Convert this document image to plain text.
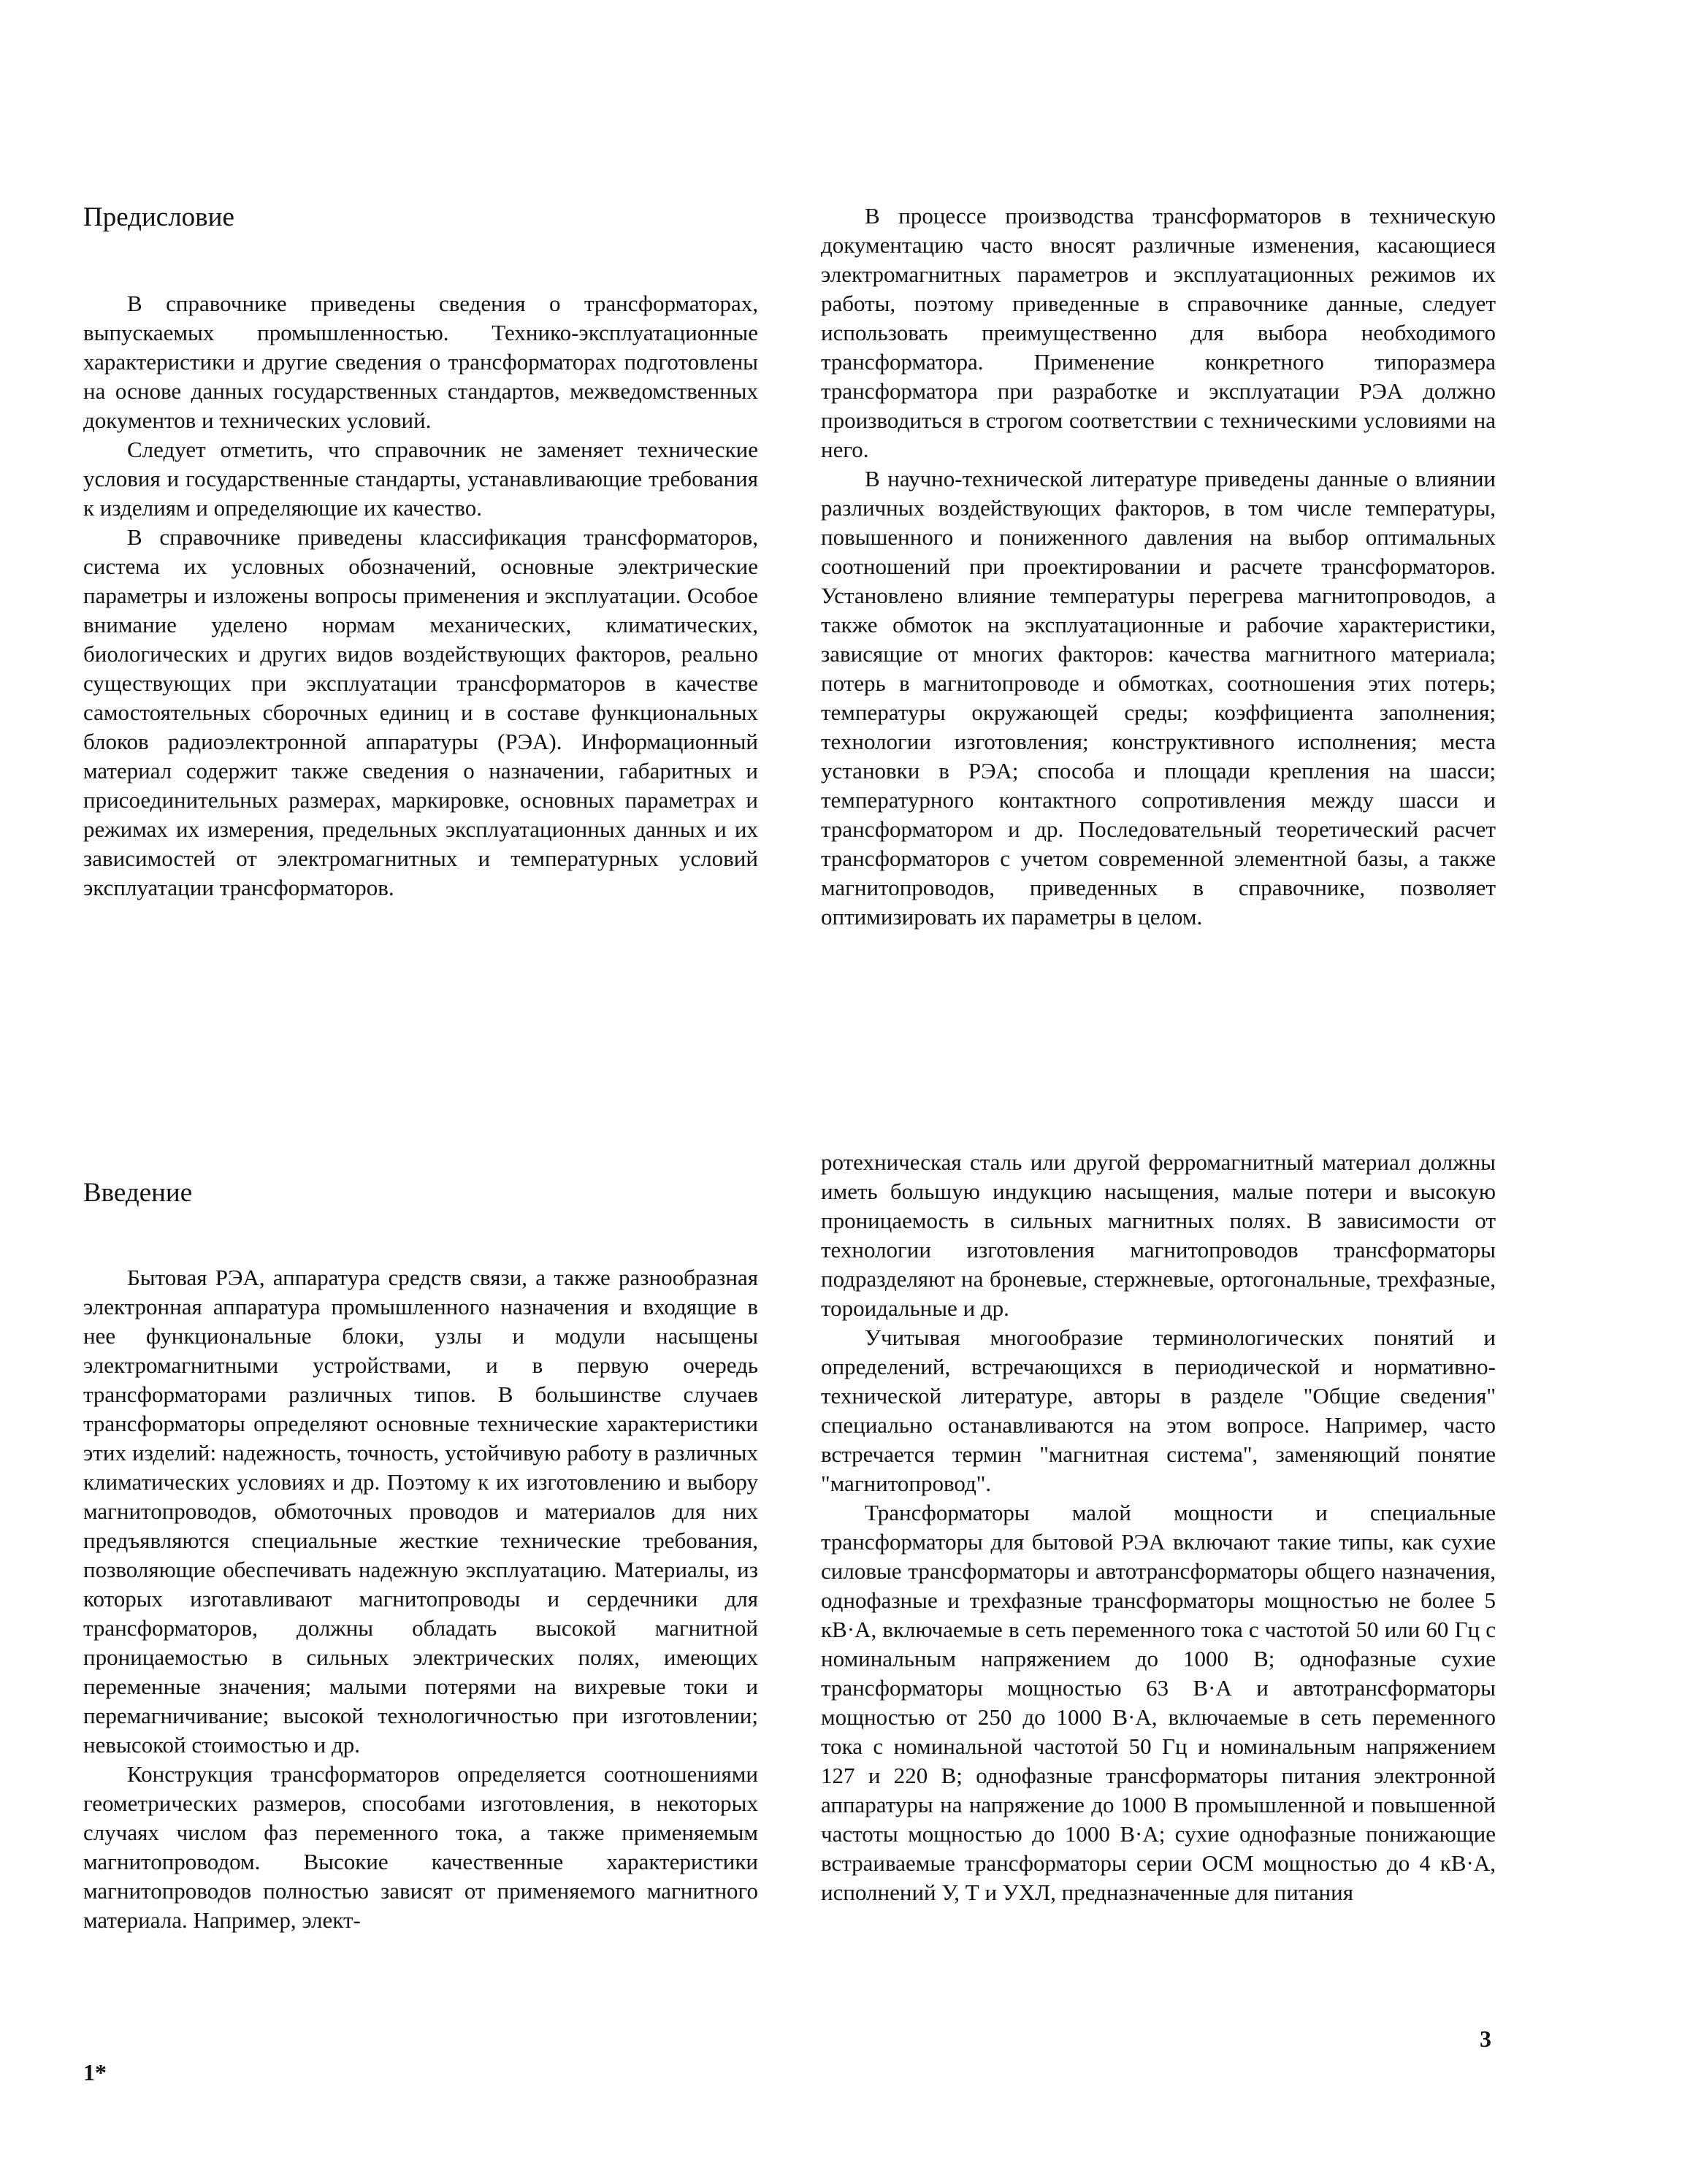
Предисловие

В справочнике приведены сведения о трансформаторах, выпускаемых промышленностью. Технико-эксплуатационные характеристики и другие сведения о трансформаторах подготовлены на основе данных государственных стандартов, межведомственных документов и технических условий.

Следует отметить, что справочник не заменяет технические условия и государственные стандарты, устанавливающие требования к изделиям и определяющие их качество.

В справочнике приведены классификация трансформаторов, система их условных обозначений, основные электрические параметры и изложены вопросы применения и эксплуатации. Особое внимание уделено нормам механических, климатических, биологических и других видов воздействующих факторов, реально существующих при эксплуатации трансформаторов в качестве самостоятельных сборочных единиц и в составе функциональных блоков радиоэлектронной аппаратуры (РЭА). Информационный материал содержит также сведения о назначении, габаритных и присоединительных размерах, маркировке, основных параметрах и режимах их измерения, предельных эксплуатационных данных и их зависимостей от электромагнитных и температурных условий эксплуатации трансформаторов.

В процессе производства трансформаторов в техническую документацию часто вносят различные изменения, касающиеся электромагнитных параметров и эксплуатационных режимов их работы, поэтому приведенные в справочнике данные, следует использовать преимущественно для выбора необходимого трансформатора. Применение конкретного типоразмера трансформатора при разработке и эксплуатации РЭА должно производиться в строгом соответствии с техническими условиями на него.

В научно-технической литературе приведены данные о влиянии различных воздействующих факторов, в том числе температуры, повышенного и пониженного давления на выбор оптимальных соотношений при проектировании и расчете трансформаторов. Установлено влияние температуры перегрева магнитопроводов, а также обмоток на эксплуатационные и рабочие характеристики, зависящие от многих факторов: качества магнитного материала; потерь в магнитопроводе и обмотках, соотношения этих потерь; температуры окружающей среды; коэффициента заполнения; технологии изготовления; конструктивного исполнения; места установки в РЭА; способа и площади крепления на шасси; температурного контактного сопротивления между шасси и трансформатором и др. Последовательный теоретический расчет трансформаторов с учетом современной элементной базы, а также магнитопроводов, приведенных в справочнике, позволяет оптимизировать их параметры в целом.

Введение

Бытовая РЭА, аппаратура средств связи, а также разнообразная электронная аппаратура промышленного назначения и входящие в нее функциональные блоки, узлы и модули насыщены электромагнитными устройствами, и в первую очередь трансформаторами различных типов. В большинстве случаев трансформаторы определяют основные технические характеристики этих изделий: надежность, точность, устойчивую работу в различных климатических условиях и др. Поэтому к их изготовлению и выбору магнитопроводов, обмоточных проводов и материалов для них предъявляются специальные жесткие технические требования, позволяющие обеспечивать надежную эксплуатацию. Материалы, из которых изготавливают магнитопроводы и сердечники для трансформаторов, должны обладать высокой магнитной проницаемостью в сильных электрических полях, имеющих переменные значения; малыми потерями на вихревые токи и перемагничивание; высокой технологичностью при изготовлении; невысокой стоимостью и др.

Конструкция трансформаторов определяется соотношениями геометрических размеров, способами изготовления, в некоторых случаях числом фаз переменного тока, а также применяемым магнитопроводом. Высокие качественные характеристики магнитопроводов полностью зависят от применяемого магнитного материала. Например, элект-

ротехническая сталь или другой ферромагнитный материал должны иметь большую индукцию насыщения, малые потери и высокую проницаемость в сильных магнитных полях. В зависимости от технологии изготовления магнитопроводов трансформаторы подразделяют на броневые, стержневые, ортогональные, трехфазные, тороидальные и др.

Учитывая многообразие терминологических понятий и определений, встречающихся в периодической и нормативно-технической литературе, авторы в разделе "Общие сведения" специально останавливаются на этом вопросе. Например, часто встречается термин "магнитная система", заменяющий понятие "магнитопровод".

Трансформаторы малой мощности и специальные трансформаторы для бытовой РЭА включают такие типы, как сухие силовые трансформаторы и автотрансформаторы общего назначения, однофазные и трехфазные трансформаторы мощностью не более 5 кВ·А, включаемые в сеть переменного тока с частотой 50 или 60 Гц с номинальным напряжением до 1000 В; однофазные сухие трансформаторы мощностью 63 В·А и автотрансформаторы мощностью от 250 до 1000 В·А, включаемые в сеть переменного тока с номинальной частотой 50 Гц и номинальным напряжением 127 и 220 В; однофазные трансформаторы питания электронной аппаратуры на напряжение до 1000 В промышленной и повышенной частоты мощностью до 1000 В·А; сухие однофазные понижающие встраиваемые трансформаторы серии ОСМ мощностью до 4 кВ·А, исполнений У, Т и УХЛ, предназначенные для питания

1*
3
